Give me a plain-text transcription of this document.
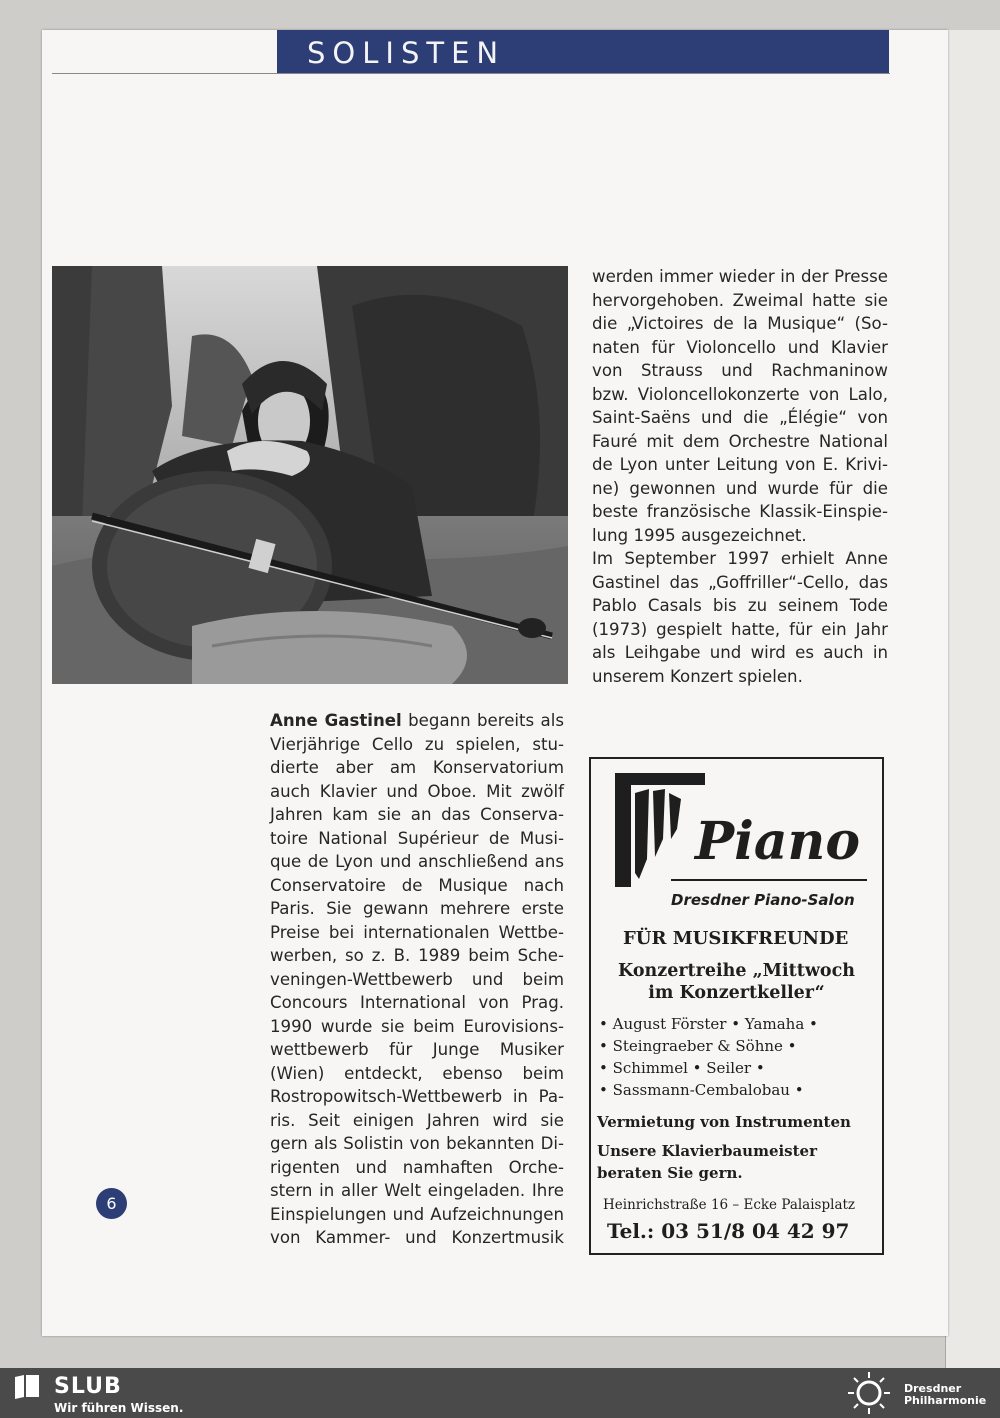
SOLISTEN
werden immer wieder in der Presse
hervorgehoben. Zweimal hatte sie
die „Victoires de la Musique“ (So-
naten für Violoncello und Klavier
von Strauss und Rachmaninow
bzw. Violoncellokonzerte von Lalo,
Saint-Saëns und die „Élégie“ von
Fauré mit dem Orchestre National
de Lyon unter Leitung von E. Krivi-
ne) gewonnen und wurde für die
beste französische Klassik-Einspie-
lung 1995 ausgezeichnet.
Im September 1997 erhielt Anne
Gastinel das „Goffriller“-Cello, das
Pablo Casals bis zu seinem Tode
(1973) gespielt hatte, für ein Jahr
als Leihgabe und wird es auch in
unserem Konzert spielen.
Anne Gastinel begann bereits als
Vierjährige Cello zu spielen, stu-
dierte aber am Konservatorium
auch Klavier und Oboe. Mit zwölf
Jahren kam sie an das Conserva-
toire National Supérieur de Musi-
que de Lyon und anschließend ans
Conservatoire de Musique nach
Paris. Sie gewann mehrere erste
Preise bei internationalen Wettbe-
werben, so z. B. 1989 beim Sche-
veningen-Wettbewerb und beim
Concours International von Prag.
1990 wurde sie beim Eurovisions-
wettbewerb für Junge Musiker
(Wien) entdeckt, ebenso beim
Rostropowitsch-Wettbewerb in Pa-
ris. Seit einigen Jahren wird sie
gern als Solistin von bekannten Di-
rigenten und namhaften Orche-
stern in aller Welt eingeladen. Ihre
Einspielungen und Aufzeichnungen
von Kammer- und Konzertmusik
6
Piano
Dresdner Piano-Salon
FÜR MUSIKFREUNDE
Konzertreihe „Mittwoch
im Konzertkeller“
• August Förster • Yamaha •
• Steingraeber & Söhne •
• Schimmel • Seiler •
• Sassmann-Cembalobau •
Vermietung von Instrumenten
Unsere Klavierbaumeister
beraten Sie gern.
Heinrichstraße 16 – Ecke Palaisplatz
Tel.: 03 51/8 04 42 97
SLUB
Wir führen Wissen.
Dresdner
Philharmonie
